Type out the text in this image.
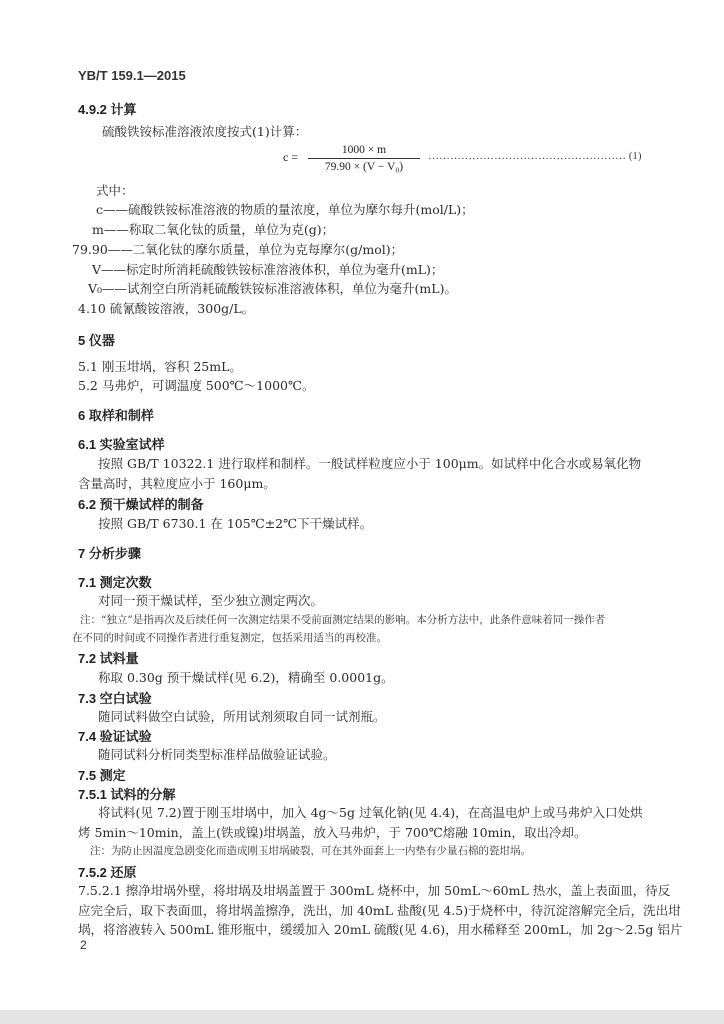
YB/T 159.1—2015
4.9.2 计算
硫酸铁铵标准溶液浓度按式(1)计算：
c =	1000 × m
79.90 × (V − V₀)
……………………………………………… (1)
式中：
c——硫酸铁铵标准溶液的物质的量浓度，单位为摩尔每升(mol/L)；
m——称取二氧化钛的质量，单位为克(g)；
79.90——二氧化钛的摩尔质量，单位为克每摩尔(g/mol)；
V——标定时所消耗硫酸铁铵标准溶液体积，单位为毫升(mL)；
V₀——试剂空白所消耗硫酸铁铵标准溶液体积，单位为毫升(mL)。
4.10 硫氰酸铵溶液，300g/L。
5 仪器
5.1 刚玉坩埚，容积 25mL。
5.2 马弗炉，可调温度 500℃～1000℃。
6 取样和制样
6.1 实验室试样
按照 GB/T 10322.1 进行取样和制样。一般试样粒度应小于 100μm。如试样中化合水或易氧化物
含量高时，其粒度应小于 160μm。
6.2 预干燥试样的制备
按照 GB/T 6730.1 在 105℃±2℃下干燥试样。
7 分析步骤
7.1 测定次数
对同一预干燥试样，至少独立测定两次。
注：“独立”是指再次及后续任何一次测定结果不受前面测定结果的影响。本分析方法中，此条件意味着同一操作者
在不同的时间或不同操作者进行重复测定，包括采用适当的再校准。
7.2 试料量
称取 0.30g 预干燥试样(见 6.2)，精确至 0.0001g。
7.3 空白试验
随同试料做空白试验，所用试剂须取自同一试剂瓶。
7.4 验证试验
随同试料分析同类型标准样品做验证试验。
7.5 测定
7.5.1 试料的分解
将试料(见 7.2)置于刚玉坩埚中，加入 4g～5g 过氧化钠(见 4.4)，在高温电炉上或马弗炉入口处烘
烤 5min～10min，盖上(铁或镍)坩埚盖，放入马弗炉，于 700℃熔融 10min，取出冷却。
注：为防止因温度急剧变化而造成刚玉坩埚破裂，可在其外面套上一内垫有少量石棉的瓷坩埚。
7.5.2 还原
7.5.2.1 擦净坩埚外壁，将坩埚及坩埚盖置于 300mL 烧杯中，加 50mL～60mL 热水，盖上表面皿，待反
应完全后，取下表面皿，将坩埚盖擦净，洗出，加 40mL 盐酸(见 4.5)于烧杯中，待沉淀溶解完全后，洗出坩
埚，将溶液转入 500mL 锥形瓶中，缓缓加入 20mL 硫酸(见 4.6)，用水稀释至 200mL，加 2g～2.5g 铝片
2
